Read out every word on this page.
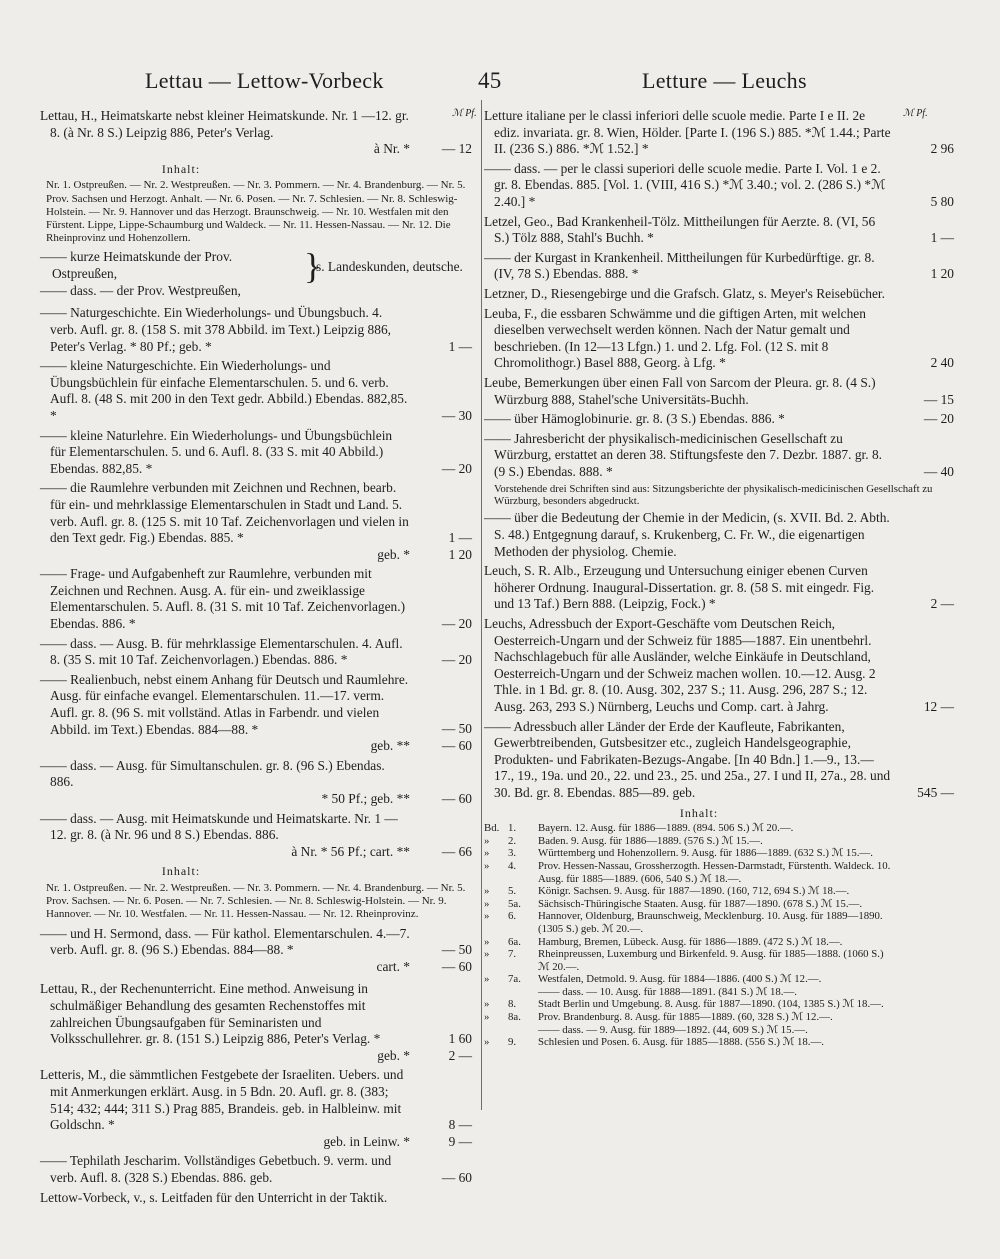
Lettau — Lettow-Vorbeck	45	Letture — Leuchs
ℳ Pf.	ℳ Pf.
Lettau, H., Heimatskarte nebst kleiner Heimatskunde. Nr. 1 —12. gr. 8. (à Nr. 8 S.) Leipzig 886, Peter's Verlag.
à Nr. * — 12
Inhalt:
Nr. 1. Ostpreußen. — Nr. 2. Westpreußen. — Nr. 3. Pommern. — Nr. 4. Brandenburg. — Nr. 5. Prov. Sachsen und Herzogt. Anhalt. — Nr. 6. Posen. — Nr. 7. Schlesien. — Nr. 8. Schleswig-Holstein. — Nr. 9. Hannover und das Herzogt. Braunschweig. — Nr. 10. Westfalen mit den Fürstent. Lippe, Lippe-Schaumburg und Waldeck. — Nr. 11. Hessen-Nassau. — Nr. 12. Die Rheinprovinz und Hohenzollern.
—— kurze Heimatskunde der Prov.
Ostpreußen,
—— dass. — der Prov. Westpreußen,
}
s. Landeskunden, deutsche.
—— Naturgeschichte. Ein Wiederholungs- und Übungsbuch. 4. verb. Aufl. gr. 8. (158 S. mit 378 Abbild. im Text.) Leipzig 886, Peter's Verlag. * 80 Pf.; geb. *	1 —
—— kleine Naturgeschichte. Ein Wiederholungs- und Übungsbüchlein für einfache Elementarschulen. 5. und 6. verb. Aufl. 8. (48 S. mit 200 in den Text gedr. Abbild.) Ebendas. 882,85. *	— 30
—— kleine Naturlehre. Ein Wiederholungs- und Übungsbüchlein für Elementarschulen. 5. und 6. Aufl. 8. (33 S. mit 40 Abbild.) Ebendas. 882,85. *	— 20
—— die Raumlehre verbunden mit Zeichnen und Rechnen, bearb. für ein- und mehrklassige Elementarschulen in Stadt und Land. 5. verb. Aufl. gr. 8. (125 S. mit 10 Taf. Zeichenvorlagen und vielen in den Text gedr. Fig.) Ebendas. 885. *	1 —
geb. *	1 20
—— Frage- und Aufgabenheft zur Raumlehre, verbunden mit Zeichnen und Rechnen. Ausg. A. für ein- und zweiklassige Elementarschulen. 5. Aufl. 8. (31 S. mit 10 Taf. Zeichenvorlagen.) Ebendas. 886. *	— 20
—— dass. — Ausg. B. für mehrklassige Elementarschulen. 4. Aufl. 8. (35 S. mit 10 Taf. Zeichenvorlagen.) Ebendas. 886. *	— 20
—— Realienbuch, nebst einem Anhang für Deutsch und Raumlehre. Ausg. für einfache evangel. Elementarschulen. 11.—17. verm. Aufl. gr. 8. (96 S. mit vollständ. Atlas in Farbendr. und vielen Abbild. im Text.) Ebendas. 884—88. *	— 50
geb. ** — 60
—— dass. — Ausg. für Simultanschulen. gr. 8. (96 S.) Ebendas. 886.
* 50 Pf.; geb. ** — 60
—— dass. — Ausg. mit Heimatskunde und Heimatskarte. Nr. 1 —12. gr. 8. (à Nr. 96 und 8 S.) Ebendas. 886.
à Nr. * 56 Pf.; cart. ** — 66
Inhalt:
Nr. 1. Ostpreußen. — Nr. 2. Westpreußen. — Nr. 3. Pommern. — Nr. 4. Brandenburg. — Nr. 5. Prov. Sachsen. — Nr. 6. Posen. — Nr. 7. Schlesien. — Nr. 8. Schleswig-Holstein. — Nr. 9. Hannover. — Nr. 10. Westfalen. — Nr. 11. Hessen-Nassau. — Nr. 12. Rheinprovinz.
—— und H. Sermond, dass. — Für kathol. Elementarschulen. 4.—7. verb. Aufl. gr. 8. (96 S.) Ebendas. 884—88. *	— 50
cart. * — 60
Lettau, R., der Rechenunterricht. Eine method. Anweisung in schulmäßiger Behandlung des gesamten Rechenstoffes mit zahlreichen Übungsaufgaben für Seminaristen und Volksschullehrer. gr. 8. (151 S.) Leipzig 886, Peter's Verlag. *	1 60
geb. *	2 —
Letteris, M., die sämmtlichen Festgebete der Israeliten. Uebers. und mit Anmerkungen erklärt. Ausg. in 5 Bdn. 20. Aufl. gr. 8. (383; 514; 432; 444; 311 S.) Prag 885, Brandeis. geb. in Halbleinw. mit Goldschn. *	8 —
geb. in Leinw. *	9 —
—— Tephilath Jescharim. Vollständiges Gebetbuch. 9. verm. und verb. Aufl. 8. (328 S.) Ebendas. 886. geb.	— 60
Lettow-Vorbeck, v., s. Leitfaden für den Unterricht in der Taktik.
Letture italiane per le classi inferiori delle scuole medie. Parte I e II. 2e ediz. invariata. gr. 8. Wien, Hölder. [Parte I. (196 S.) 885. *ℳ 1.44.; Parte II. (236 S.) 886. *ℳ 1.52.] *	2 96
—— dass. — per le classi superiori delle scuole medie. Parte I. Vol. 1 e 2. gr. 8. Ebendas. 885. [Vol. 1. (VIII, 416 S.) *ℳ 3.40.; vol. 2. (286 S.) *ℳ 2.40.] *	5 80
Letzel, Geo., Bad Krankenheil-Tölz. Mittheilungen für Aerzte. 8. (VI, 56 S.) Tölz 888, Stahl's Buchh. *	1 —
—— der Kurgast in Krankenheil. Mittheilungen für Kurbedürftige. gr. 8. (IV, 78 S.) Ebendas. 888. *	1 20
Letzner, D., Riesengebirge und die Grafsch. Glatz, s. Meyer's Reisebücher.
Leuba, F., die essbaren Schwämme und die giftigen Arten, mit welchen dieselben verwechselt werden können. Nach der Natur gemalt und beschrieben. (In 12—13 Lfgn.) 1. und 2. Lfg. Fol. (12 S. mit 8 Chromolithogr.) Basel 888, Georg. à Lfg. *	2 40
Leube, Bemerkungen über einen Fall von Sarcom der Pleura. gr. 8. (4 S.) Würzburg 888, Stahel'sche Universitäts-Buchh.	— 15
—— über Hämoglobinurie. gr. 8. (3 S.) Ebendas. 886. *	— 20
—— Jahresbericht der physikalisch-medicinischen Gesellschaft zu Würzburg, erstattet an deren 38. Stiftungsfeste den 7. Dezbr. 1887. gr. 8. (9 S.) Ebendas. 888. *	— 40
Vorstehende drei Schriften sind aus: Sitzungsberichte der physikalisch-medicinischen Gesellschaft zu Würzburg, besonders abgedruckt.
—— über die Bedeutung der Chemie in der Medicin, (s. XVII. Bd. 2. Abth. S. 48.) Entgegnung darauf, s. Krukenberg, C. Fr. W., die eigenartigen Methoden der physiolog. Chemie.
Leuch, S. R. Alb., Erzeugung und Untersuchung einiger ebenen Curven höherer Ordnung. Inaugural-Dissertation. gr. 8. (58 S. mit eingedr. Fig. und 13 Taf.) Bern 888. (Leipzig, Fock.) *	2 —
Leuchs, Adressbuch der Export-Geschäfte vom Deutschen Reich, Oesterreich-Ungarn und der Schweiz für 1885—1887. Ein unentbehrl. Nachschlagebuch für alle Ausländer, welche Einkäufe in Deutschland, Oesterreich-Ungarn und der Schweiz machen wollen. 10.—12. Ausg. 2 Thle. in 1 Bd. gr. 8. (10. Ausg. 302, 237 S.; 11. Ausg. 296, 287 S.; 12. Ausg. 263, 293 S.) Nürnberg, Leuchs und Comp. cart. à Jahrg.	12 —
—— Adressbuch aller Länder der Erde der Kaufleute, Fabrikanten, Gewerbtreibenden, Gutsbesitzer etc., zugleich Handelsgeographie, Produkten- und Fabrikaten-Bezugs-Angabe. [In 40 Bdn.] 1.—9., 13.—17., 19., 19a. und 20., 22. und 23., 25. und 25a., 27. I und II, 27a., 28. und 30. Bd. gr. 8. Ebendas. 885—89. geb.	545 —
Inhalt:
Bd. 1.	Bayern. 12. Ausg. für 1886—1889. (894. 506 S.) ℳ 20.—.
»	2.	Baden. 9. Ausg. für 1886—1889. (576 S.) ℳ 15.—.
»	3.	Württemberg und Hohenzollern. 9. Ausg. für 1886—1889. (632 S.) ℳ 15.—.
»	4.	Prov. Hessen-Nassau, Grossherzogth. Hessen-Darmstadt, Fürstenth. Waldeck. 10. Ausg. für 1885—1889. (606, 540 S.) ℳ 18.—.
»	5.	Königr. Sachsen. 9. Ausg. für 1887—1890. (160, 712, 694 S.) ℳ 18.—.
»	5a.	Sächsisch-Thüringische Staaten. Ausg. für 1887—1890. (678 S.) ℳ 15.—.
»	6.	Hannover, Oldenburg, Braunschweig, Mecklenburg. 10. Ausg. für 1889—1890. (1305 S.) geb. ℳ 20.—.
»	6a.	Hamburg, Bremen, Lübeck. Ausg. für 1886—1889. (472 S.) ℳ 18.—.
»	7.	Rheinpreussen, Luxemburg und Birkenfeld. 9. Ausg. für 1885—1888. (1060 S.) ℳ 20.—.
»	7a.	Westfalen, Detmold. 9. Ausg. für 1884—1886. (400 S.) ℳ 12.—.
—— dass. — 10. Ausg. für 1888—1891. (841 S.) ℳ 18.—.
»	8.	Stadt Berlin und Umgebung. 8. Ausg. für 1887—1890. (104, 1385 S.) ℳ 18.—.
»	8a.	Prov. Brandenburg. 8. Ausg. für 1885—1889. (60, 328 S.) ℳ 12.—.
—— dass. — 9. Ausg. für 1889—1892. (44, 609 S.) ℳ 15.—.
»	9.	Schlesien und Posen. 6. Ausg. für 1885—1888. (556 S.) ℳ 18.—.
